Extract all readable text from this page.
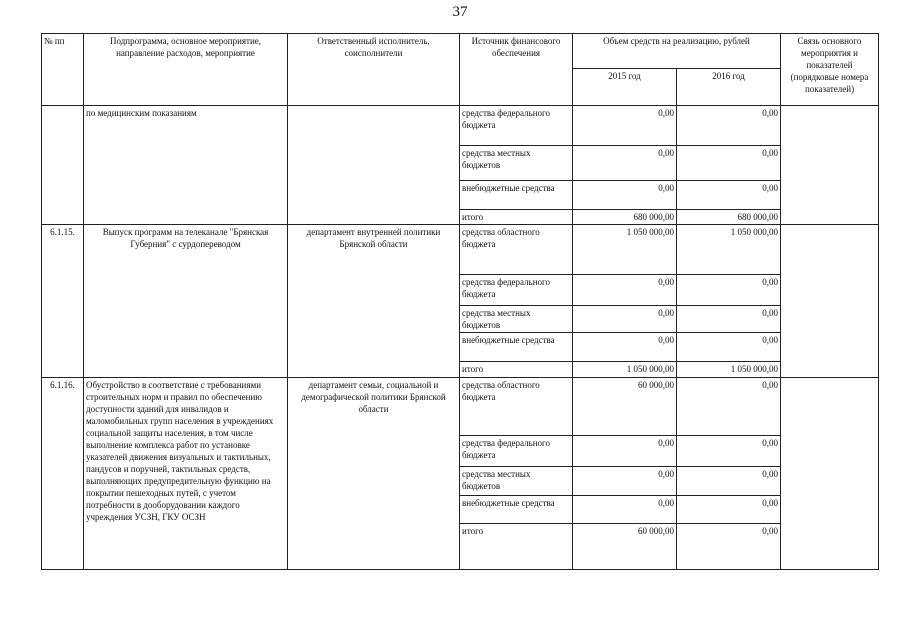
37
№ пп	Подпрограмма, основное мероприятие, направление расходов, мероприятие	Ответственный исполнитель, соисполнители	Источник финансового обеспечения	Объем средств на реализацию, рублей		Связь основного мероприятия и показателей (порядковые номера показателей)
				2015 год	2016 год	
	по медицинским показаниям		средства федерального бюджета	0,00	0,00	
			средства местных бюджетов	0,00	0,00	
			внебюджетные средства	0,00	0,00	
			итого	680 000,00	680 000,00	
6.1.15.	Выпуск программ на телеканале "Брянская Губерния" с сурдопереводом	департамент внутренней политики Брянской области	средства областного бюджета	1 050 000,00	1 050 000,00	
			средства федерального бюджета	0,00	0,00	
			средства местных бюджетов	0,00	0,00	
			внебюджетные средства	0,00	0,00	
			итого	1 050 000,00	1 050 000,00	
6.1.16.	Обустройство в соответствие с требованиями строительных норм и правил по обеспечению доступности зданий для инвалидов и маломобильных групп населения в учреждениях социальной защиты населения, в том числе выполнение комплекса работ по установке указателей движения визуальных и тактильных, пандусов и поручней, тактильных средств, выполняющих предупредительную функцию на покрытии пешеходных путей, с учетом потребности в дооборудовании каждого учреждения УСЗН, ГКУ ОСЗН	департамент семьи, социальной и демографической политики Брянской области	средства областного бюджета	60 000,00	0,00	
			средства федерального бюджета	0,00	0,00	
			средства местных бюджетов	0,00	0,00	
			внебюджетные средства	0,00	0,00	
			итого	60 000,00	0,00	
